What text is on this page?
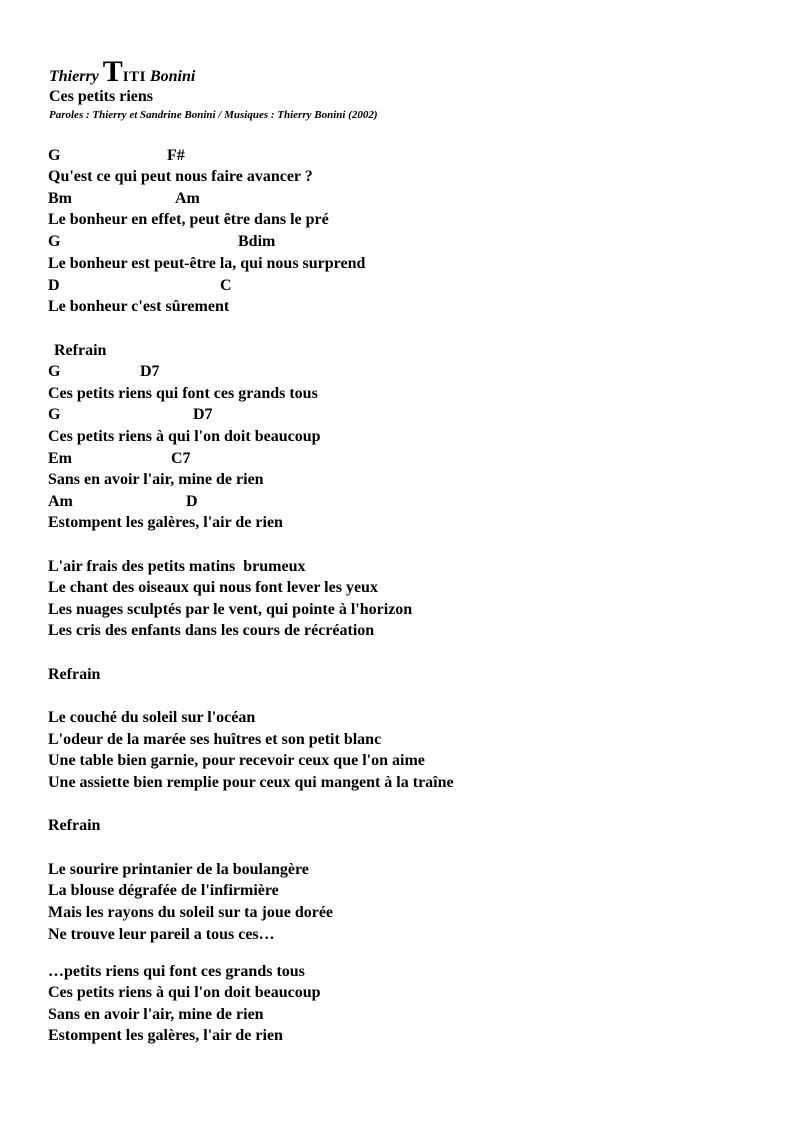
Thierry TITI Bonini
Ces petits riens
Paroles : Thierry et Sandrine Bonini / Musiques : Thierry Bonini (2002)
G	F#
Qu'est ce qui peut nous faire avancer ?
Bm	Am
Le bonheur en effet, peut être dans le pré
G	Bdim
Le bonheur est peut-être la, qui nous surprend
D	C
Le bonheur c'est sûrement
Refrain
G	D7
Ces petits riens qui font ces grands tous
G	D7
Ces petits riens à qui l'on doit beaucoup
Em	C7
Sans en avoir l'air, mine de rien
Am	D
Estompent les galères, l'air de rien
L'air frais des petits matins  brumeux
Le chant des oiseaux qui nous font lever les yeux
Les nuages sculptés par le vent, qui pointe à l'horizon
Les cris des enfants dans les cours de récréation
Refrain
Le couché du soleil sur l'océan
L'odeur de la marée ses huîtres et son petit blanc
Une table bien garnie, pour recevoir ceux que l'on aime
Une assiette bien remplie pour ceux qui mangent à la traîne
Refrain
Le sourire printanier de la boulangère
La blouse dégrafée de l'infirmière
Mais les rayons du soleil sur ta joue dorée
Ne trouve leur pareil a tous ces…
…petits riens qui font ces grands tous
Ces petits riens à qui l'on doit beaucoup
Sans en avoir l'air, mine de rien
Estompent les galères, l'air de rien
